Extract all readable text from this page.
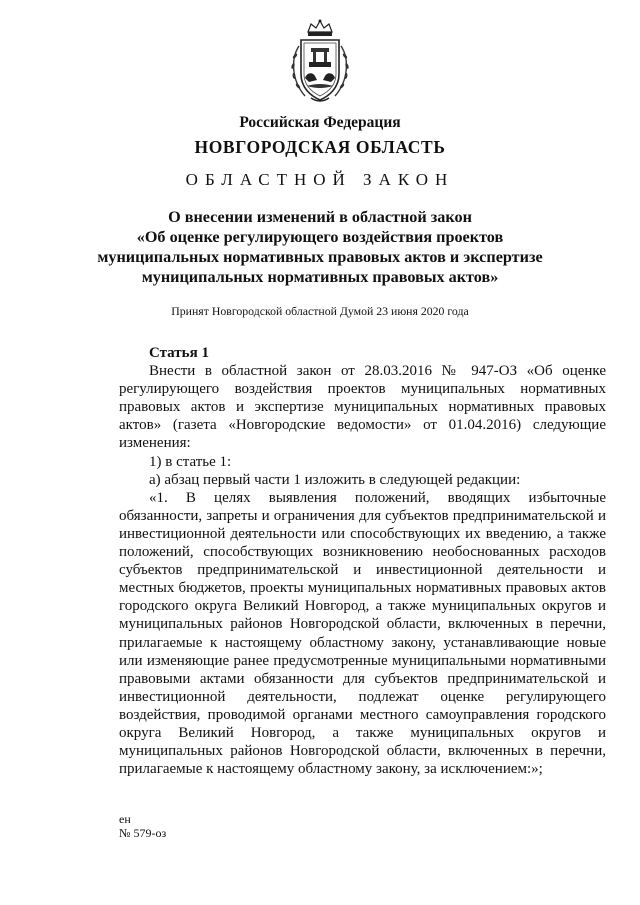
Российская Федерация
НОВГОРОДСКАЯ ОБЛАСТЬ
ОБЛАСТНОЙ ЗАКОН
О внесении изменений в областной закон
«Об оценке регулирующего воздействия проектов
муниципальных нормативных правовых актов и экспертизе
муниципальных нормативных правовых актов»
Принят Новгородской областной Думой 23 июня 2020 года

Статья 1

Внести в областной закон от 28.03.2016 № 947-ОЗ «Об оценке регулирующего воздействия проектов муниципальных нормативных правовых актов и экспертизе муниципальных нормативных правовых актов» (газета «Новгородские ведомости» от 01.04.2016) следующие изменения:

1) в статье 1:

а) абзац первый части 1 изложить в следующей редакции:

«1. В целях выявления положений, вводящих избыточные обязанности, запреты и ограничения для субъектов предпринимательской и инвестиционной деятельности или способствующих их введению, а также положений, способствующих возникновению необоснованных расходов субъектов предпринимательской и инвестиционной деятельности и местных бюджетов, проекты муниципальных нормативных правовых актов городского округа Великий Новгород, а также муниципальных округов и муниципальных районов Новгородской области, включенных в перечни, прилагаемые к настоящему областному закону, устанавливающие новые или изменяющие ранее предусмотренные муниципальными нормативными правовыми актами обязанности для субъектов предпринимательской и инвестиционной деятельности, подлежат оценке регулирующего воздействия, проводимой органами местного самоуправления городского округа Великий Новгород, а также муниципальных округов и муниципальных районов Новгородской области, включенных в перечни, прилагаемые к настоящему областному закону, за исключением:»;

ен
№ 579-оз
